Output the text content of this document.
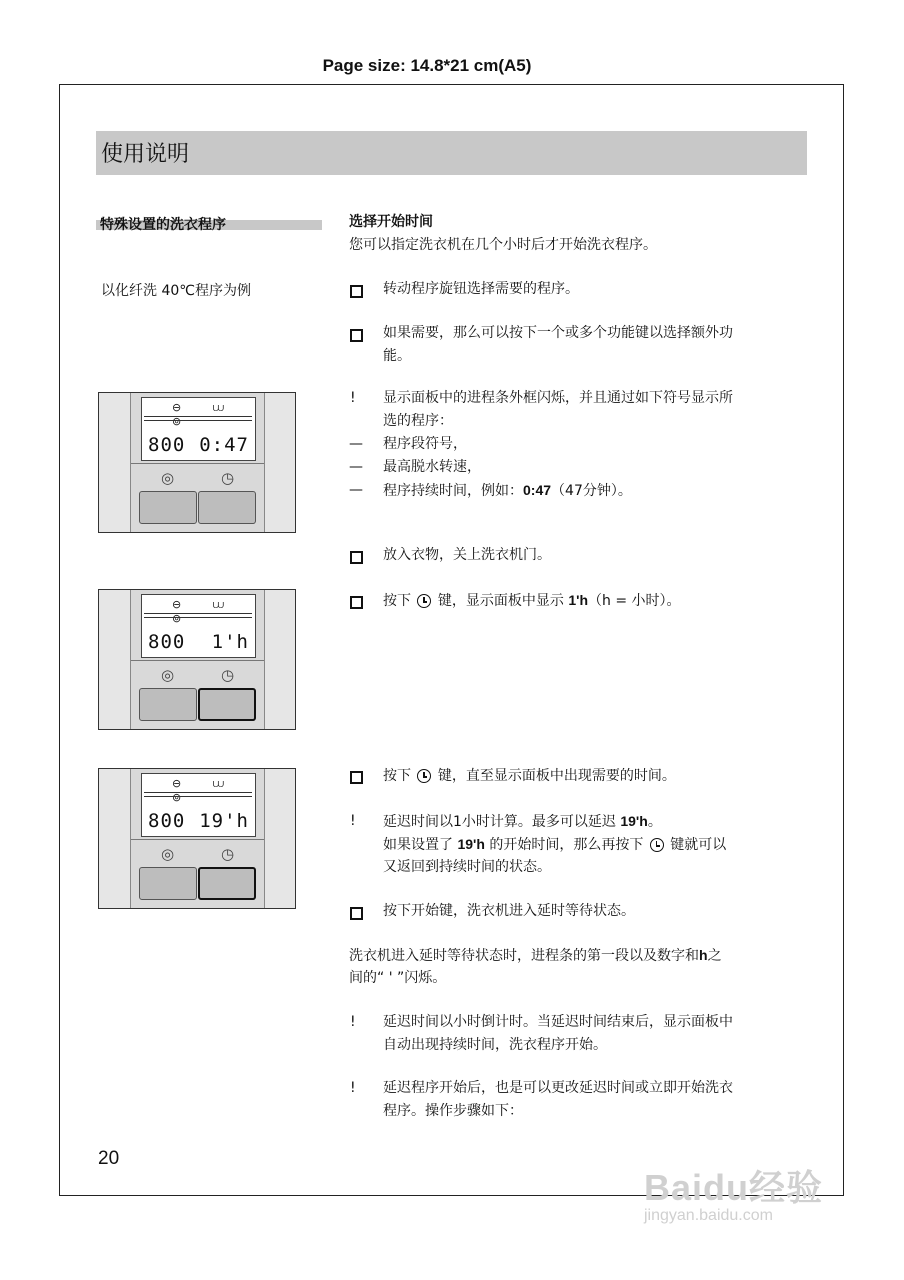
Page size: 14.8*21 cm(A5)
使用说明
特殊设置的洗衣程序
以化纤洗 40℃程序为例
选择开始时间
您可以指定洗衣机在几个小时后才开始洗衣程序。
转动程序旋钮选择需要的程序。
如果需要，那么可以按下一个或多个功能键以选择额外功
能。
! 显示面板中的进程条外框闪烁，并且通过如下符号显示所
选的程序：
— 程序段符号，
— 最高脱水转速，
— 程序持续时间，例如：0:47（47分钟）。
放入衣物，关上洗衣机门。
按下 键，显示面板中显示 1'h（h = 小时）。
按下 键，直至显示面板中出现需要的时间。
! 延迟时间以1小时计算。最多可以延迟 19'h。
如果设置了 19'h 的开始时间，那么再按下 键就可以
又返回到持续时间的状态。
按下开始键，洗衣机进入延时等待状态。
洗衣机进入延时等待状态时，进程条的第一段以及数字和h之
间的“ ' ”闪烁。
! 延迟时间以小时倒计时。当延迟时间结束后，显示面板中
自动出现持续时间，洗衣程序开始。
! 延迟程序开始后，也是可以更改延迟时间或立即开始洗衣
程序。操作步骤如下：
⊖ ⩊ ⊚
800 0:47
◎	◷
⊖ ⩊ ⊚
800 1'h
◎	◷
⊖ ⩊ ⊚
800 19'h
◎	◷
20
Baidu经验
jingyan.baidu.com
